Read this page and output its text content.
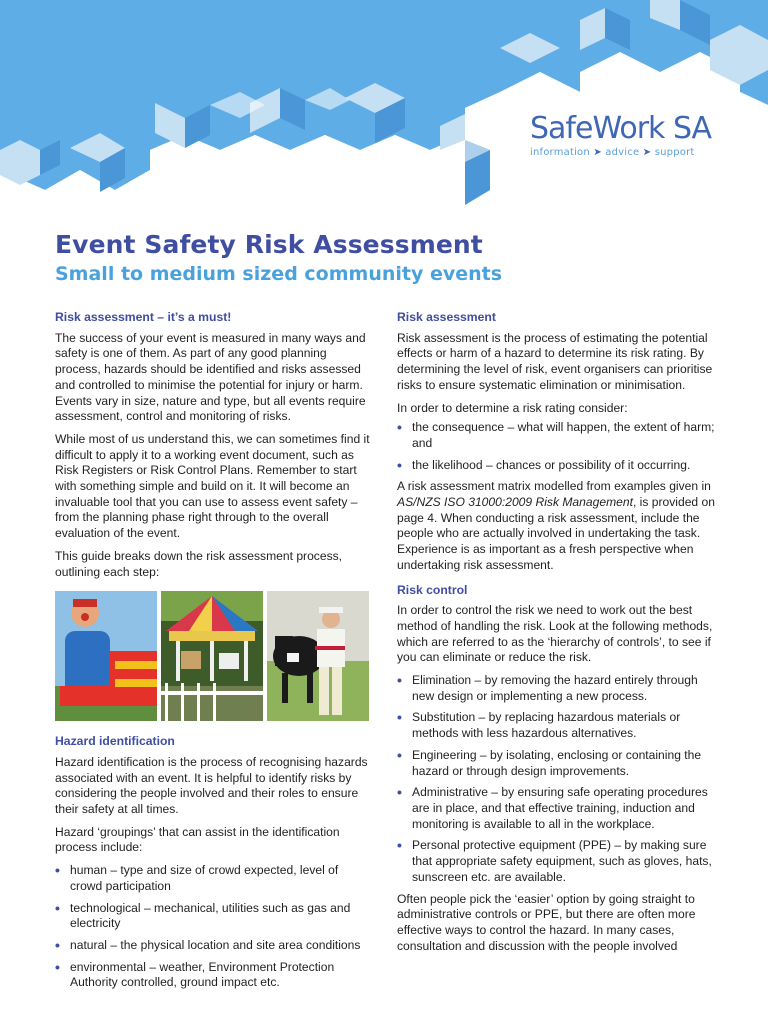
SafeWork SA
information ➤ advice ➤ support
Event Safety Risk Assessment
Small to medium sized community events
Risk assessment – it’s a must!

The success of your event is measured in many ways and safety is one of them. As part of any good planning process, hazards should be identified and risks assessed and controlled to minimise the potential for injury or harm. Events vary in size, nature and type, but all events require assessment, control and monitoring of risks.

While most of us understand this, we can sometimes find it difficult to apply it to a working event document, such as Risk Registers or Risk Control Plans. Remember to start with something simple and build on it. It will become an invaluable tool that you can use to assess event safety – from the planning phase right through to the overall evaluation of the event.

This guide breaks down the risk assessment process, outlining each step:

Hazard identification

Hazard identification is the process of recognising hazards associated with an event. It is helpful to identify risks by considering the people involved and their roles to ensure their safety at all times.

Hazard ‘groupings’ that can assist in the identification process include:

• human – type and size of crowd expected, level of crowd participation
• technological – mechanical, utilities such as gas and electricity
• natural – the physical location and site area conditions
• environmental – weather, Environment Protection Authority controlled, ground impact etc.
Risk assessment

Risk assessment is the process of estimating the potential effects or harm of a hazard to determine its risk rating. By determining the level of risk, event organisers can prioritise risks to ensure systematic elimination or minimisation.

In order to determine a risk rating consider:

• the consequence – what will happen, the extent of harm; and
• the likelihood – chances or possibility of it occurring.

A risk assessment matrix modelled from examples given in AS/NZS ISO 31000:2009 Risk Management, is provided on page 4. When conducting a risk assessment, include the people who are actually involved in undertaking the task. Experience is as important as a fresh perspective when undertaking risk assessment.

Risk control

In order to control the risk we need to work out the best method of handling the risk. Look at the following methods, which are referred to as the ‘hierarchy of controls’, to see if you can eliminate or reduce the risk.

• Elimination – by removing the hazard entirely through new design or implementing a new process.
• Substitution – by replacing hazardous materials or methods with less hazardous alternatives.
• Engineering – by isolating, enclosing or containing the hazard or through design improvements.
• Administrative – by ensuring safe operating procedures are in place, and that effective training, induction and monitoring is available to all in the workplace.
• Personal protective equipment (PPE) – by making sure that appropriate safety equipment, such as gloves, hats, sunscreen etc. are available.

Often people pick the ‘easier’ option by going straight to administrative controls or PPE, but there are often more effective ways to control the hazard. In many cases, consultation and discussion with the people involved
